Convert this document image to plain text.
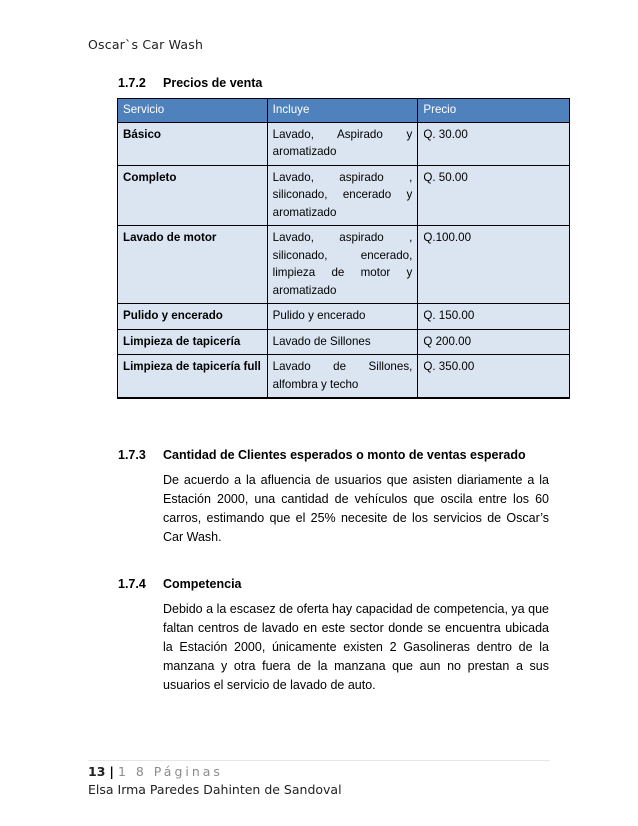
Oscar`s Car Wash
1.7.2 Precios de venta
Servicio	Incluye	Precio
Básico	Lavado, Aspirado y aromatizado	Q. 30.00
Completo	Lavado, aspirado , siliconado, encerado y aromatizado	Q. 50.00
Lavado de motor	Lavado, aspirado , siliconado, encerado, limpieza de motor y aromatizado	Q.100.00
Pulido y encerado	Pulido y encerado	Q. 150.00
Limpieza de tapicería	Lavado de Sillones	Q 200.00
Limpieza de tapicería full	Lavado de Sillones, alfombra y techo	Q. 350.00
1.7.3 Cantidad de Clientes esperados o monto de ventas esperado
De acuerdo a la afluencia de usuarios que asisten diariamente a la Estación 2000, una cantidad de vehículos que oscila entre los 60 carros, estimando que el 25% necesite de los servicios de Oscar’s Car Wash.
1.7.4 Competencia
Debido a la escasez de oferta hay capacidad de competencia, ya que faltan centros de lavado en este sector donde se encuentra ubicada la Estación 2000, únicamente existen 2 Gasolineras dentro de la manzana y otra fuera de la manzana que aun no prestan a sus usuarios el servicio de lavado de auto.
13 | 1 8 Páginas
Elsa Irma Paredes Dahinten de Sandoval
